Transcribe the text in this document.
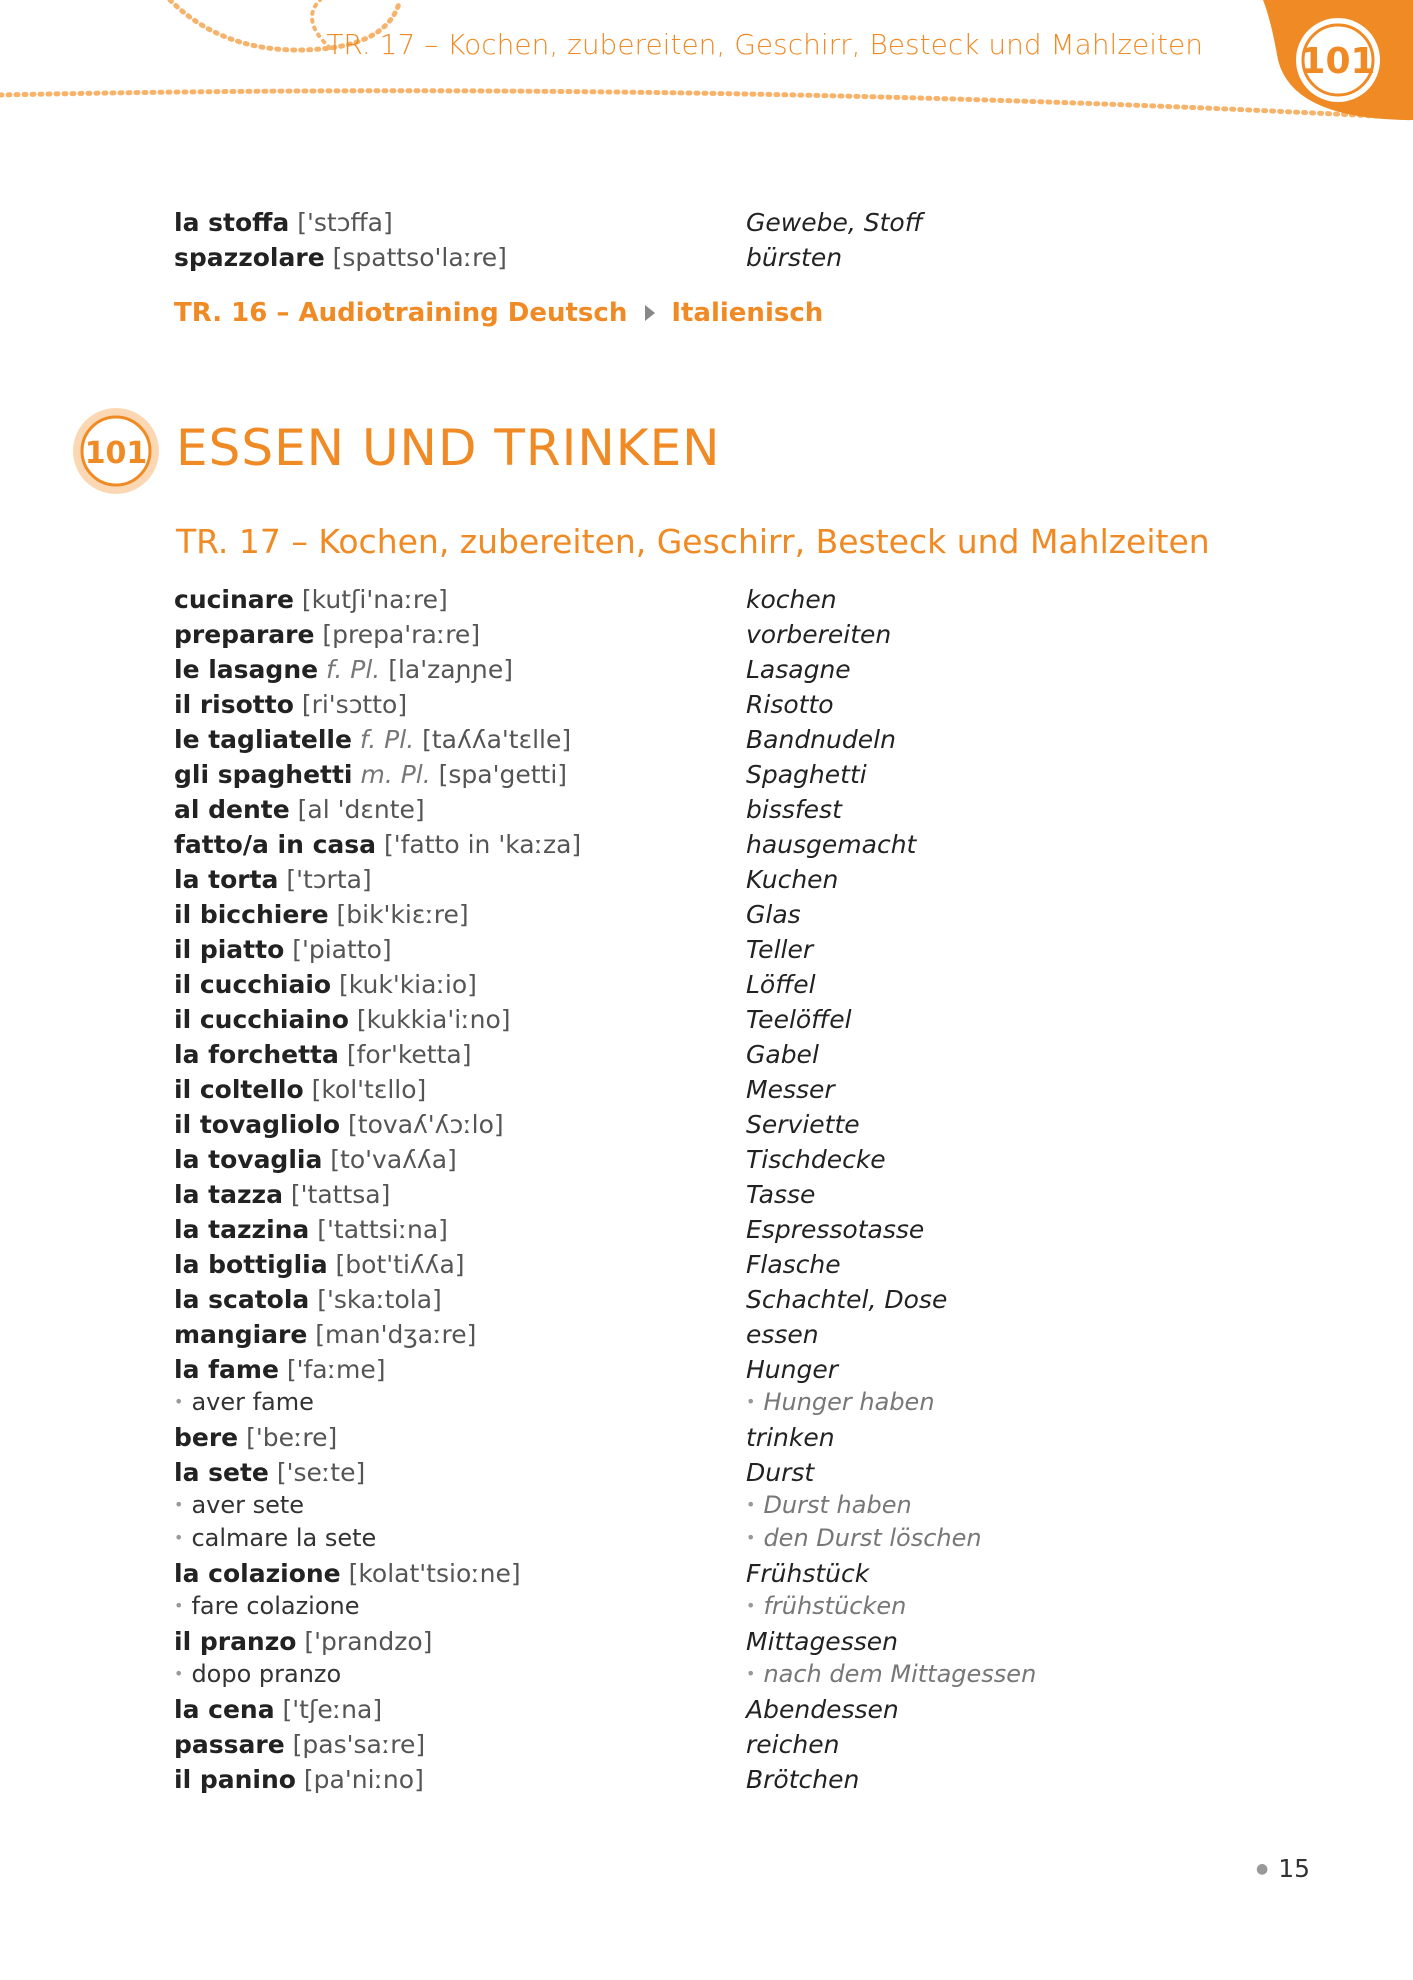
TR. 17 – Kochen, zubereiten, Geschirr, Besteck und Mahlzeiten	101
la stoffa ['stɔffa]	Gewebe, Stoff
spazzolare [spattso'laːre]	bürsten
TR. 16 – Audiotraining Deutsch Italienisch
101 ESSEN UND TRINKEN
TR. 17 – Kochen, zubereiten, Geschirr, Besteck und Mahlzeiten
cucinare [kutʃi'naːre]	kochen
preparare [prepa'raːre]	vorbereiten
le lasagne f. Pl. [la'zaɲɲe]	Lasagne
il risotto [ri'sɔtto]	Risotto
le tagliatelle f. Pl. [taʎʎa'tɛlle]	Bandnudeln
gli spaghetti m. Pl. [spa'getti]	Spaghetti
al dente [al 'dɛnte]	bissfest
fatto/a in casa ['fatto in 'kaːza]	hausgemacht
la torta ['tɔrta]	Kuchen
il bicchiere [bik'kiɛːre]	Glas
il piatto ['piatto]	Teller
il cucchiaio [kuk'kiaːio]	Löffel
il cucchiaino [kukkia'iːno]	Teelöffel
la forchetta [for'ketta]	Gabel
il coltello [kol'tɛllo]	Messer
il tovagliolo [tovaʎ'ʎɔːlo]	Serviette
la tovaglia [to'vaʎʎa]	Tischdecke
la tazza ['tattsa]	Tasse
la tazzina ['tattsiːna]	Espressotasse
la bottiglia [bot'tiʎʎa]	Flasche
la scatola ['skaːtola]	Schachtel, Dose
mangiare [man'dʒaːre]	essen
la fame ['faːme]	Hunger
• aver fame	• Hunger haben
bere ['beːre]	trinken
la sete ['seːte]	Durst
• aver sete	• Durst haben
• calmare la sete	• den Durst löschen
la colazione [kolat'tsioːne]	Frühstück
• fare colazione	• frühstücken
il pranzo ['prandzo]	Mittagessen
• dopo pranzo	• nach dem Mittagessen
la cena ['tʃeːna]	Abendessen
passare [pas'saːre]	reichen
il panino [pa'niːno]	Brötchen
● 15
